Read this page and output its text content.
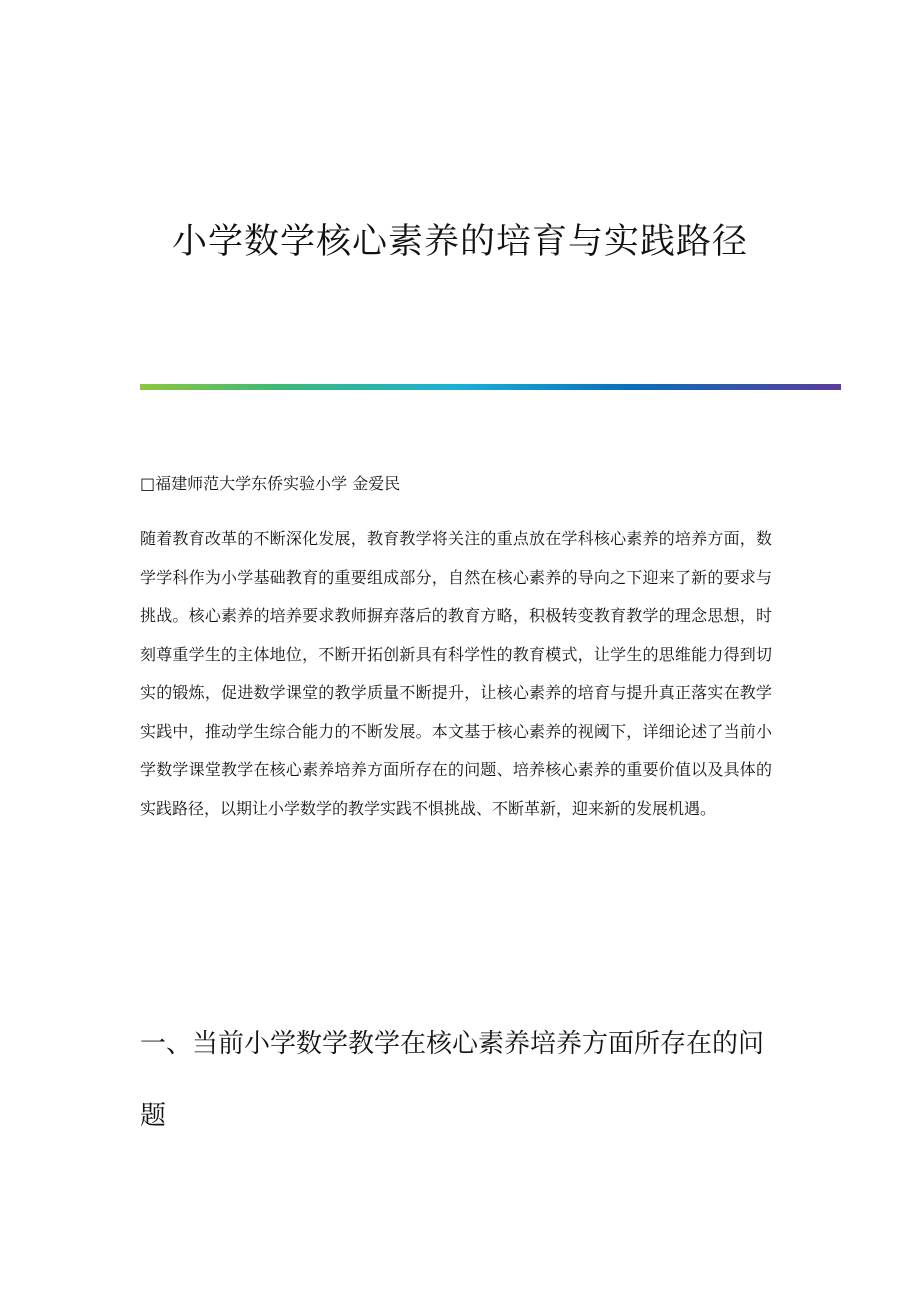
小学数学核心素养的培育与实践路径

□福建师范大学东侨实验小学 金爱民

随着教育改革的不断深化发展，教育教学将关注的重点放在学科核心素养的培养方面，数学学科作为小学基础教育的重要组成部分，自然在核心素养的导向之下迎来了新的要求与挑战。核心素养的培养要求教师摒弃落后的教育方略，积极转变教育教学的理念思想，时刻尊重学生的主体地位，不断开拓创新具有科学性的教育模式，让学生的思维能力得到切实的锻炼，促进数学课堂的教学质量不断提升，让核心素养的培育与提升真正落实在教学实践中，推动学生综合能力的不断发展。本文基于核心素养的视阈下，详细论述了当前小学数学课堂教学在核心素养培养方面所存在的问题、培养核心素养的重要价值以及具体的实践路径，以期让小学数学的教学实践不惧挑战、不断革新，迎来新的发展机遇。

一、当前小学数学教学在核心素养培养方面所存在的问题
